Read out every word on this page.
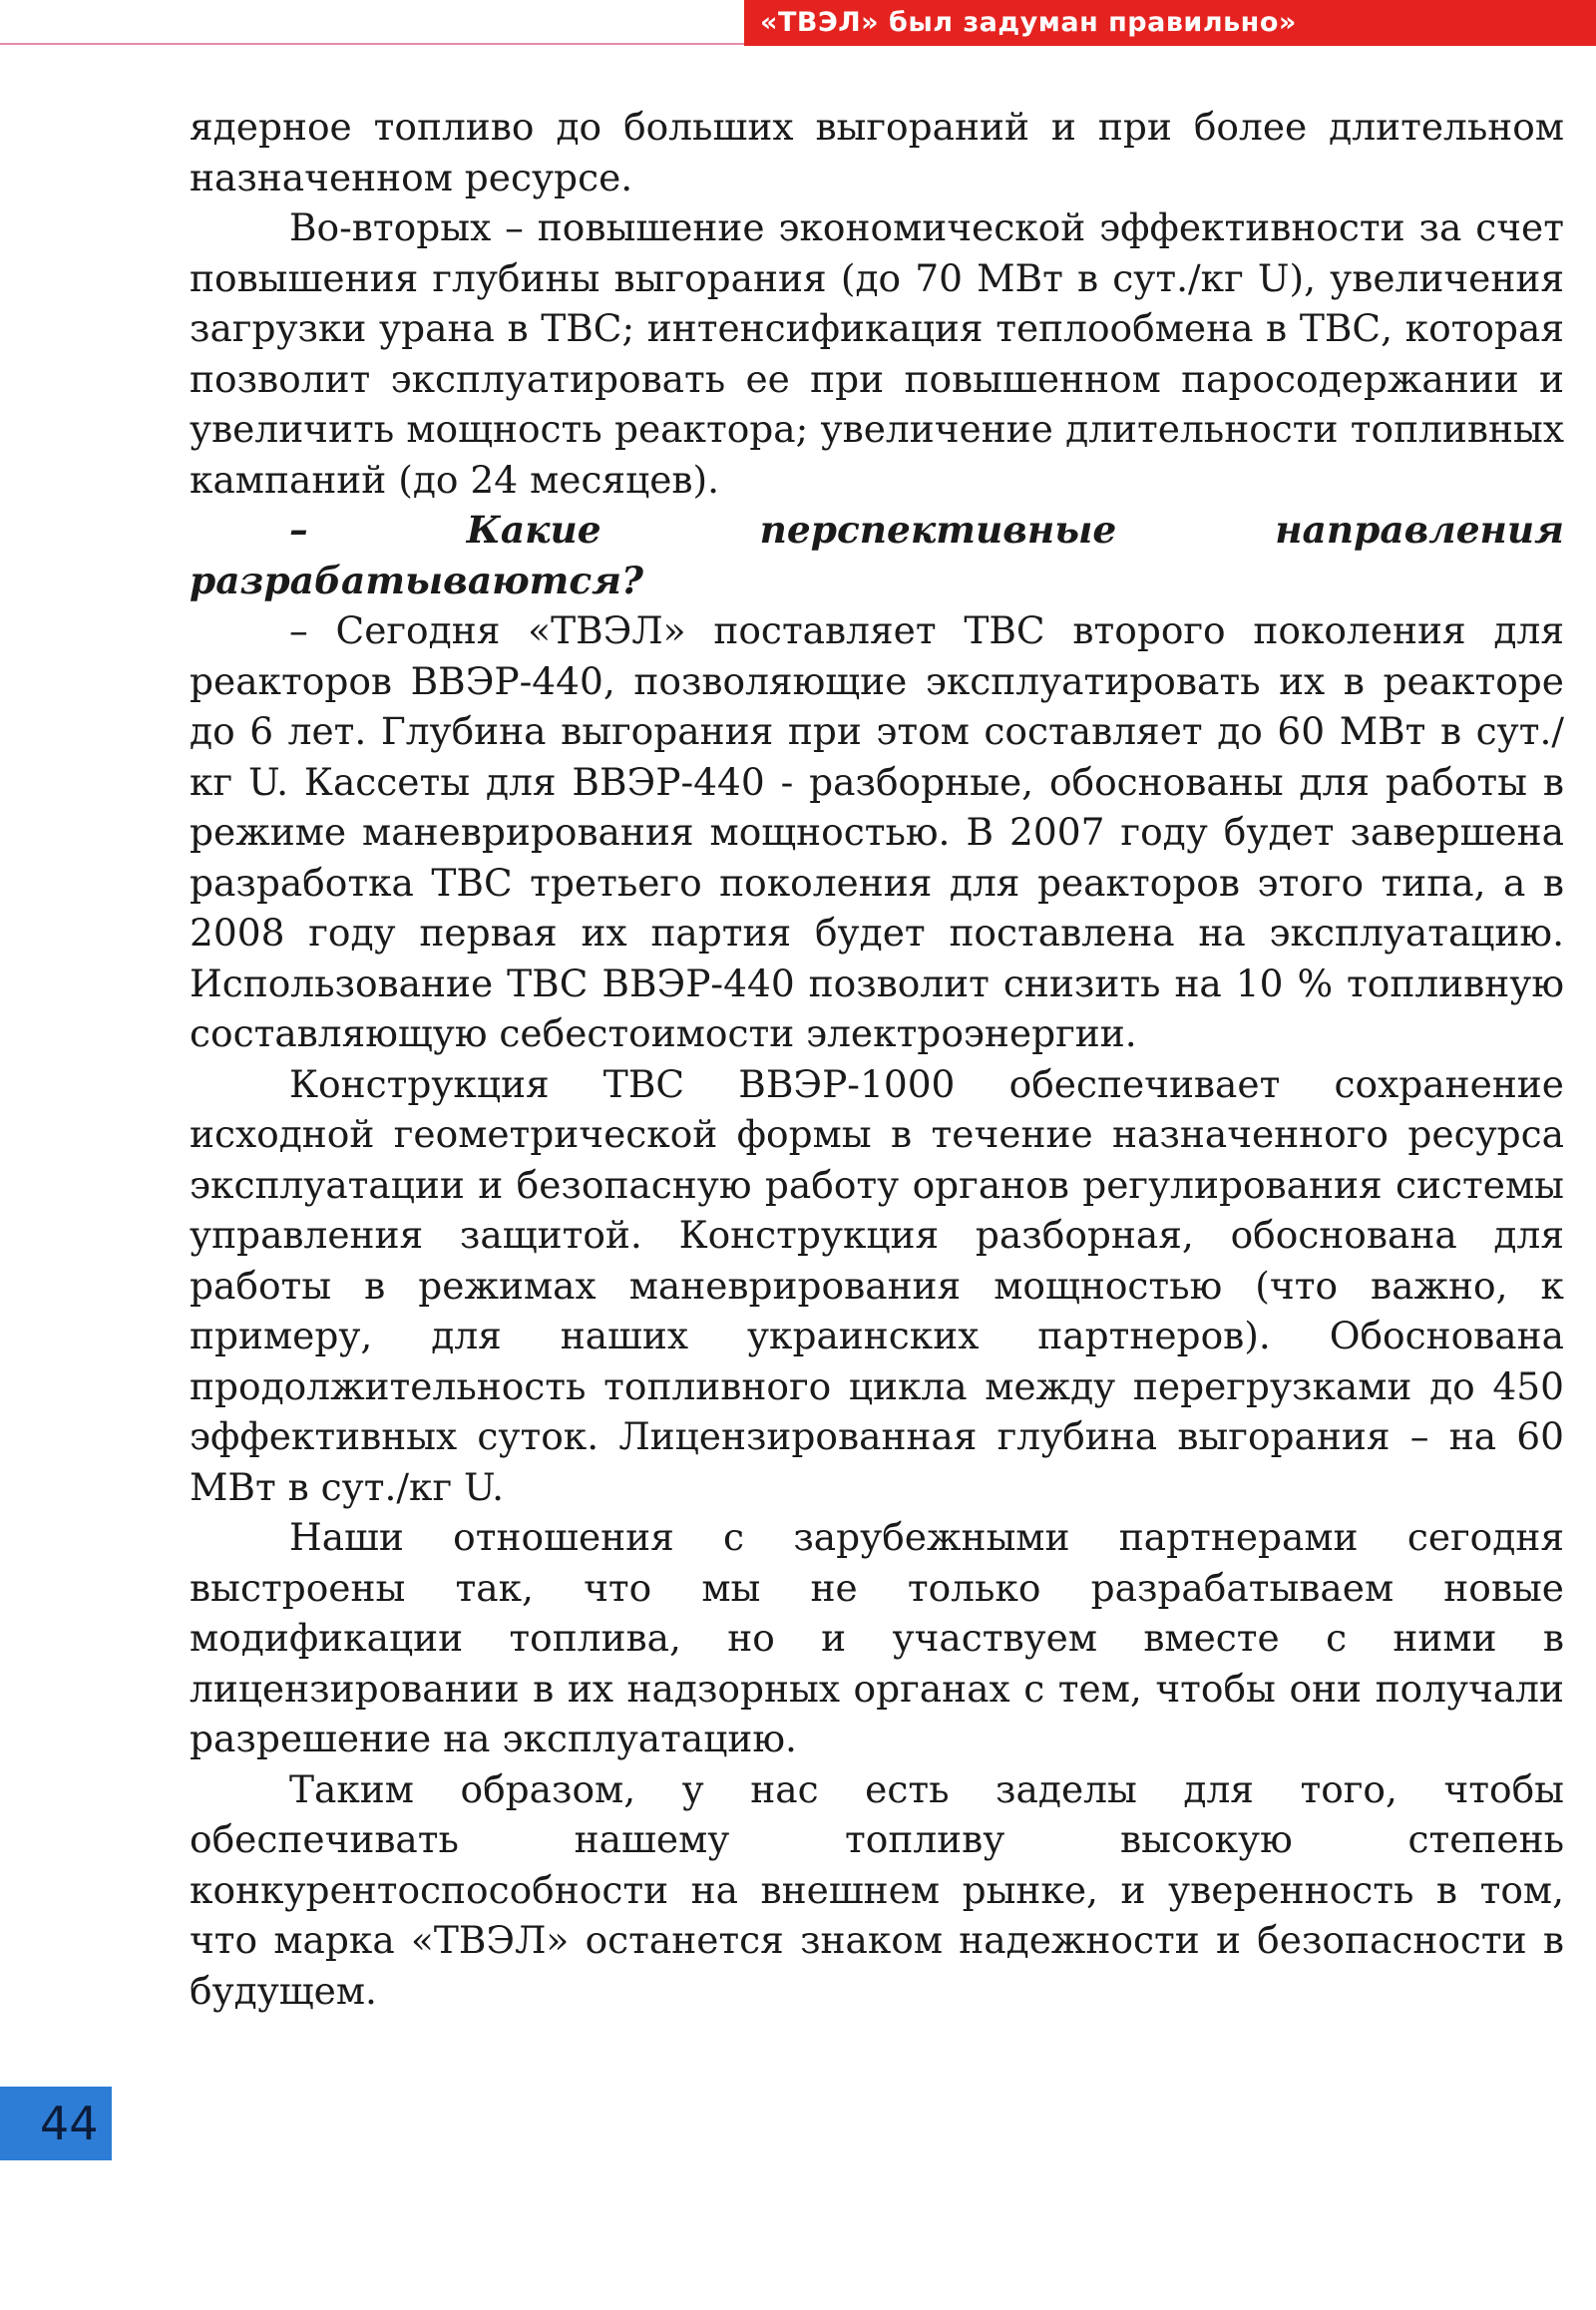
«ТВЭЛ» был задуман правильно»

ядерное топливо до больших выгораний и при более длительном назначенном ресурсе.

Во-вторых – повышение экономической эффективности за счет повышения глубины выгорания (до 70 МВт в сут./кг U), увеличения загрузки урана в ТВС; интенсификация теплообмена в ТВС, которая позволит эксплуатировать ее при повышенном паросодержании и увеличить мощность реактора; увеличение длительности топливных кампаний (до 24 месяцев).

– Какие перспективные направления разрабатываются?

– Сегодня «ТВЭЛ» поставляет ТВС второго поколения для реакторов ВВЭР-440, позволяющие эксплуатировать их в реакторе до 6 лет. Глубина выгорания при этом составляет до 60 МВт в сут./кг U. Кассеты для ВВЭР-440 - разборные, обоснованы для работы в режиме маневрирования мощностью. В 2007 году будет завершена разработка ТВС третьего поколения для реакторов этого типа, а в 2008 году первая их партия будет поставлена на эксплуатацию. Использование ТВС ВВЭР-440 позволит снизить на 10 % топливную составляющую себестоимости электроэнергии.

Конструкция ТВС ВВЭР-1000 обеспечивает сохранение исходной геометрической формы в течение назначенного ресурса эксплуатации и безопасную работу органов регулирования системы управления защитой. Конструкция разборная, обоснована для работы в режимах маневрирования мощностью (что важно, к примеру, для наших украинских партнеров). Обоснована продолжительность топливного цикла между перегрузками до 450 эффективных суток. Лицензированная глубина выгорания – на 60 МВт в сут./кг U.

Наши отношения с зарубежными партнерами сегодня выстроены так, что мы не только разрабатываем новые модификации топлива, но и участвуем вместе с ними в лицензировании в их надзорных органах с тем, чтобы они получали разрешение на эксплуатацию.

Таким образом, у нас есть заделы для того, чтобы обеспечивать нашему топливу высокую степень конкурентоспособности на внешнем рынке, и уверенность в том, что марка «ТВЭЛ» останется знаком надежности и безопасности в будущем.

44
